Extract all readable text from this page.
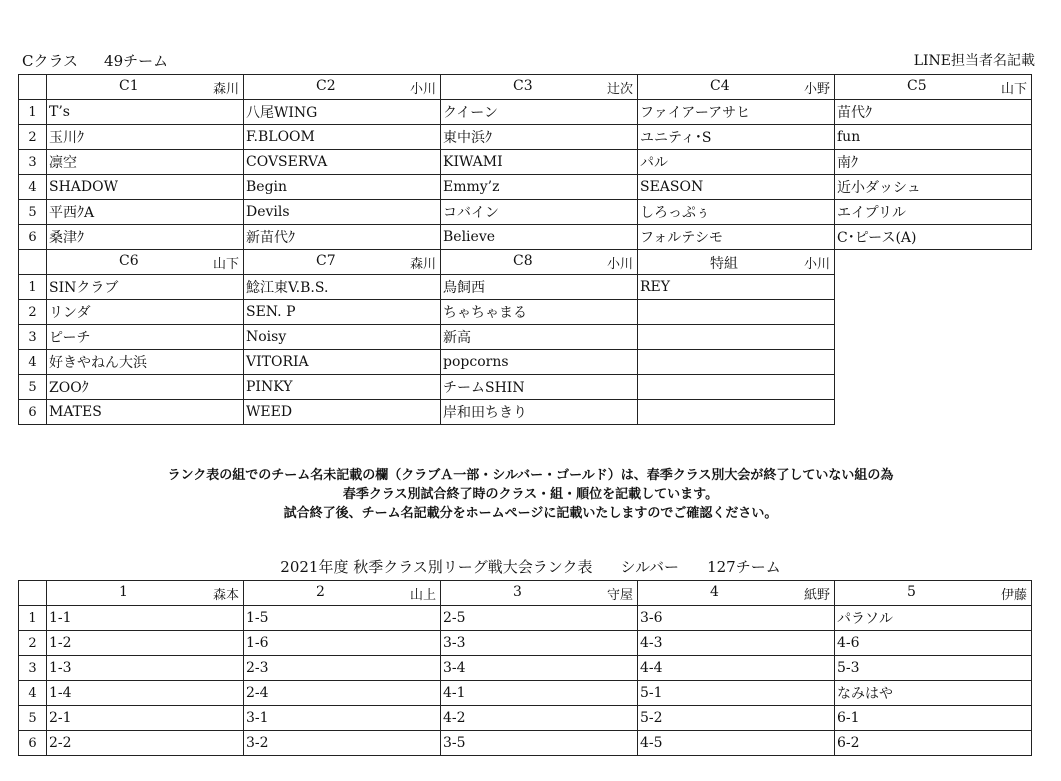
Cクラス 49チーム	LINE担当者名記載

	C1 森川	C2 小川	C3 辻次	C4 小野	C5 山下

1	T’s	八尾WING	クイーン	ファイアーアサヒ	苗代ｸ
2	玉川ｸ	F.BLOOM	東中浜ｸ	ユニティ･S	fun
3	凛空	COVSERVA	KIWAMI	パル	南ｸ
4	SHADOW	Begin	Emmy’z	SEASON	近小ダッシュ
5	平西ｸA	Devils	コバイン	しろっぷぅ	エイプリル
6	桑津ｸ	新苗代ｸ	Believe	フォルテシモ	C･ピース(A)

	C6 山下	C7 森川	C8 小川	特組 小川	

1	SINクラブ	鯰江東V.B.S.	鳥飼西	REY	
2	リンダ	SEN. P	ちゃちゃまる		
3	ピーチ	Noisy	新高		
4	好きやねん大浜	VITORIA	popcorns		
5	ZOOｸ	PINKY	チームSHIN		
6	MATES	WEED	岸和田ちきり		
ランク表の組でのチーム名未記載の欄（クラブＡ一部・シルバー・ゴールド）は、春季クラス別大会が終了していない組の為
春季クラス別試合終了時のクラス・組・順位を記載しています。
試合終了後、チーム名記載分をホームページに記載いたしますのでご確認ください。
2021年度 秋季クラス別リーグ戦大会ランク表 シルバー 127チーム

	1 森本	2 山上	3 守屋	4 紙野	5 伊藤

1	1-1	1-5	2-5	3-6	パラソル
2	1-2	1-6	3-3	4-3	4-6
3	1-3	2-3	3-4	4-4	5-3
4	1-4	2-4	4-1	5-1	なみはや
5	2-1	3-1	4-2	5-2	6-1
6	2-2	3-2	3-5	4-5	6-2
